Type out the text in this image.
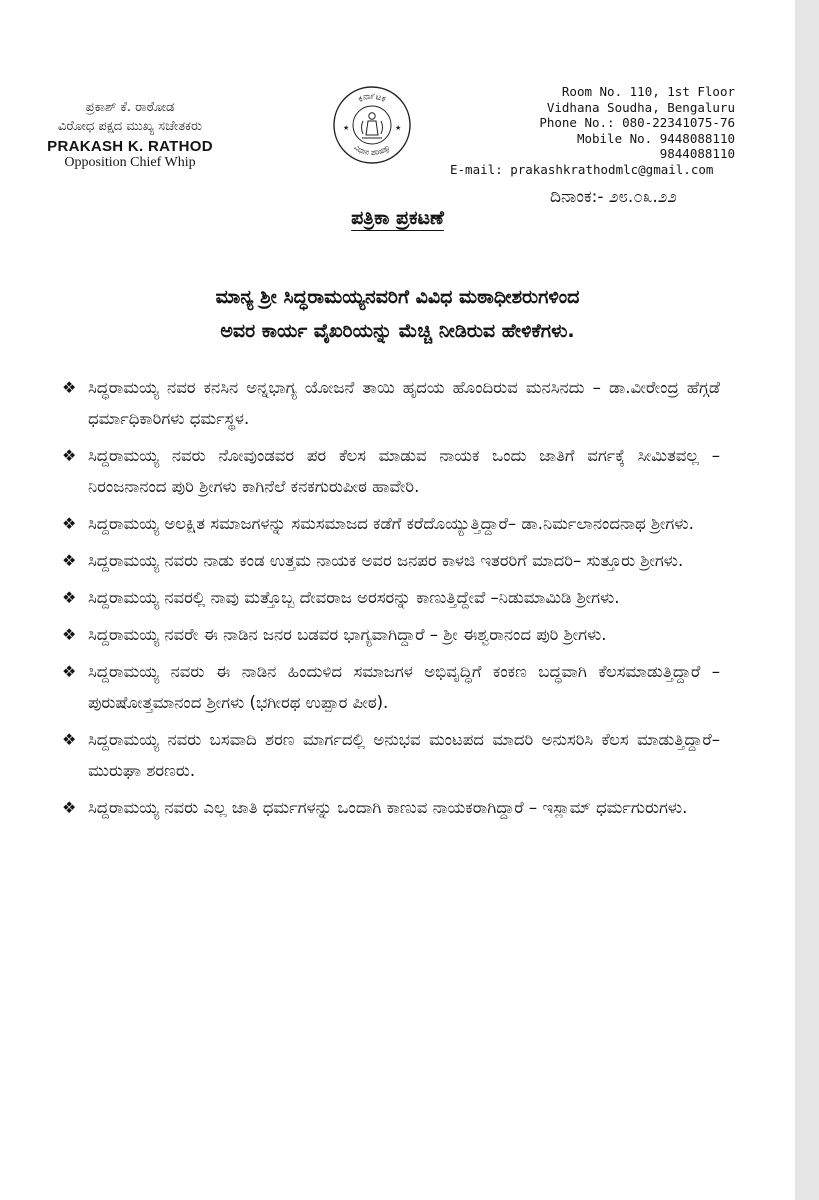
ಪ್ರಕಾಶ್ ಕೆ. ರಾಠೋಡ
ವಿರೋಧ ಪಕ್ಷದ ಮುಖ್ಯ ಸಚೇತಕರು
PRAKASH K. RATHOD
Opposition Chief Whip
ಕರ್ನಾಟಕ
ವಿಧಾನ ಪರಿಷತ್ತು
★	★
Room No. 110, 1st Floor
Vidhana Soudha, Bengaluru
Phone No.: 080-22341075-76
Mobile No. 9448088110
9844088110
E-mail: prakashkrathodmlc@gmail.com
ದಿನಾಂಕ:- ೨೮.೦೩.೨೨
ಪತ್ರಿಕಾ ಪ್ರಕಟಣೆ
ಮಾನ್ಯ ಶ್ರೀ ಸಿದ್ಧರಾಮಯ್ಯನವರಿಗೆ ವಿವಿಧ ಮಠಾಧೀಶರುಗಳಿಂದ
ಅವರ ಕಾರ್ಯ ವೈಖರಿಯನ್ನು ಮೆಚ್ಚಿ ನೀಡಿರುವ ಹೇಳಿಕೆಗಳು.
❖ ಸಿದ್ಧರಾಮಯ್ಯ ನವರ ಕನಸಿನ ಅನ್ನಭಾಗ್ಯ ಯೋಜನೆ ತಾಯಿ ಹೃದಯ ಹೊಂದಿರುವ ಮನಸಿನದು – ಡಾ.ವೀರೇಂದ್ರ ಹೆಗ್ಗಡೆ ಧರ್ಮಾಧಿಕಾರಿಗಳು ಧರ್ಮಸ್ಥಳ.
❖ ಸಿದ್ದರಾಮಯ್ಯ ನವರು ನೋವುಂಡವರ ಪರ ಕೆಲಸ ಮಾಡುವ ನಾಯಕ ಒಂದು ಜಾತಿಗೆ ವರ್ಗಕ್ಕೆ ಸೀಮಿತವಲ್ಲ – ನಿರಂಜನಾನಂದ ಪುರಿ ಶ್ರೀಗಳು ಕಾಗಿನೆಲೆ ಕನಕಗುರುಪೀಠ ಹಾವೇರಿ.
❖ ಸಿದ್ದರಾಮಯ್ಯ ಅಲಕ್ಷಿತ ಸಮಾಜಗಳನ್ನು ಸಮಸಮಾಜದ ಕಡೆಗೆ ಕರೆದೊಯ್ಯುತ್ತಿದ್ದಾರೆ– ಡಾ.ನಿರ್ಮಲಾನಂದನಾಥ ಶ್ರೀಗಳು.
❖ ಸಿದ್ದರಾಮಯ್ಯ ನವರು ನಾಡು ಕಂಡ ಉತ್ತಮ ನಾಯಕ ಅವರ ಜನಪರ ಕಾಳಜಿ ಇತರರಿಗೆ ಮಾದರಿ– ಸುತ್ತೂರು ಶ್ರೀಗಳು.
❖ ಸಿದ್ದರಾಮಯ್ಯ ನವರಲ್ಲಿ ನಾವು ಮತ್ತೊಬ್ಬ ದೇವರಾಜ ಅರಸರನ್ನು ಕಾಣುತ್ತಿದ್ದೇವೆ –ನಿಡುಮಾಮಿಡಿ ಶ್ರೀಗಳು.
❖ ಸಿದ್ದರಾಮಯ್ಯ ನವರೇ ಈ ನಾಡಿನ ಜನರ ಬಡವರ ಭಾಗ್ಯವಾಗಿದ್ದಾರೆ – ಶ್ರೀ ಈಶ್ವರಾನಂದ ಪುರಿ ಶ್ರೀಗಳು.
❖ ಸಿದ್ದರಾಮಯ್ಯ ನವರು ಈ ನಾಡಿನ ಹಿಂದುಳಿದ ಸಮಾಜಗಳ ಅಭಿವೃದ್ಧಿಗೆ ಕಂಕಣ ಬದ್ಧವಾಗಿ ಕೆಲಸಮಾಡುತ್ತಿದ್ದಾರೆ – ಪುರುಷೋತ್ತಮಾನಂದ ಶ್ರೀಗಳು (ಭಗೀರಥ ಉಪ್ಪಾರ ಪೀಠ).
❖ ಸಿದ್ದರಾಮಯ್ಯ ನವರು ಬಸವಾದಿ ಶರಣ ಮಾರ್ಗದಲ್ಲಿ ಅನುಭವ ಮಂಟಪದ ಮಾದರಿ ಅನುಸರಿಸಿ ಕೆಲಸ ಮಾಡುತ್ತಿದ್ದಾರೆ– ಮುರುಘಾ ಶರಣರು.
❖ ಸಿದ್ದರಾಮಯ್ಯ ನವರು ಎಲ್ಲ ಜಾತಿ ಧರ್ಮಗಳನ್ನು ಒಂದಾಗಿ ಕಾಣುವ ನಾಯಕರಾಗಿದ್ದಾರೆ – ಇಸ್ಲಾಮ್ ಧರ್ಮಗುರುಗಳು.
